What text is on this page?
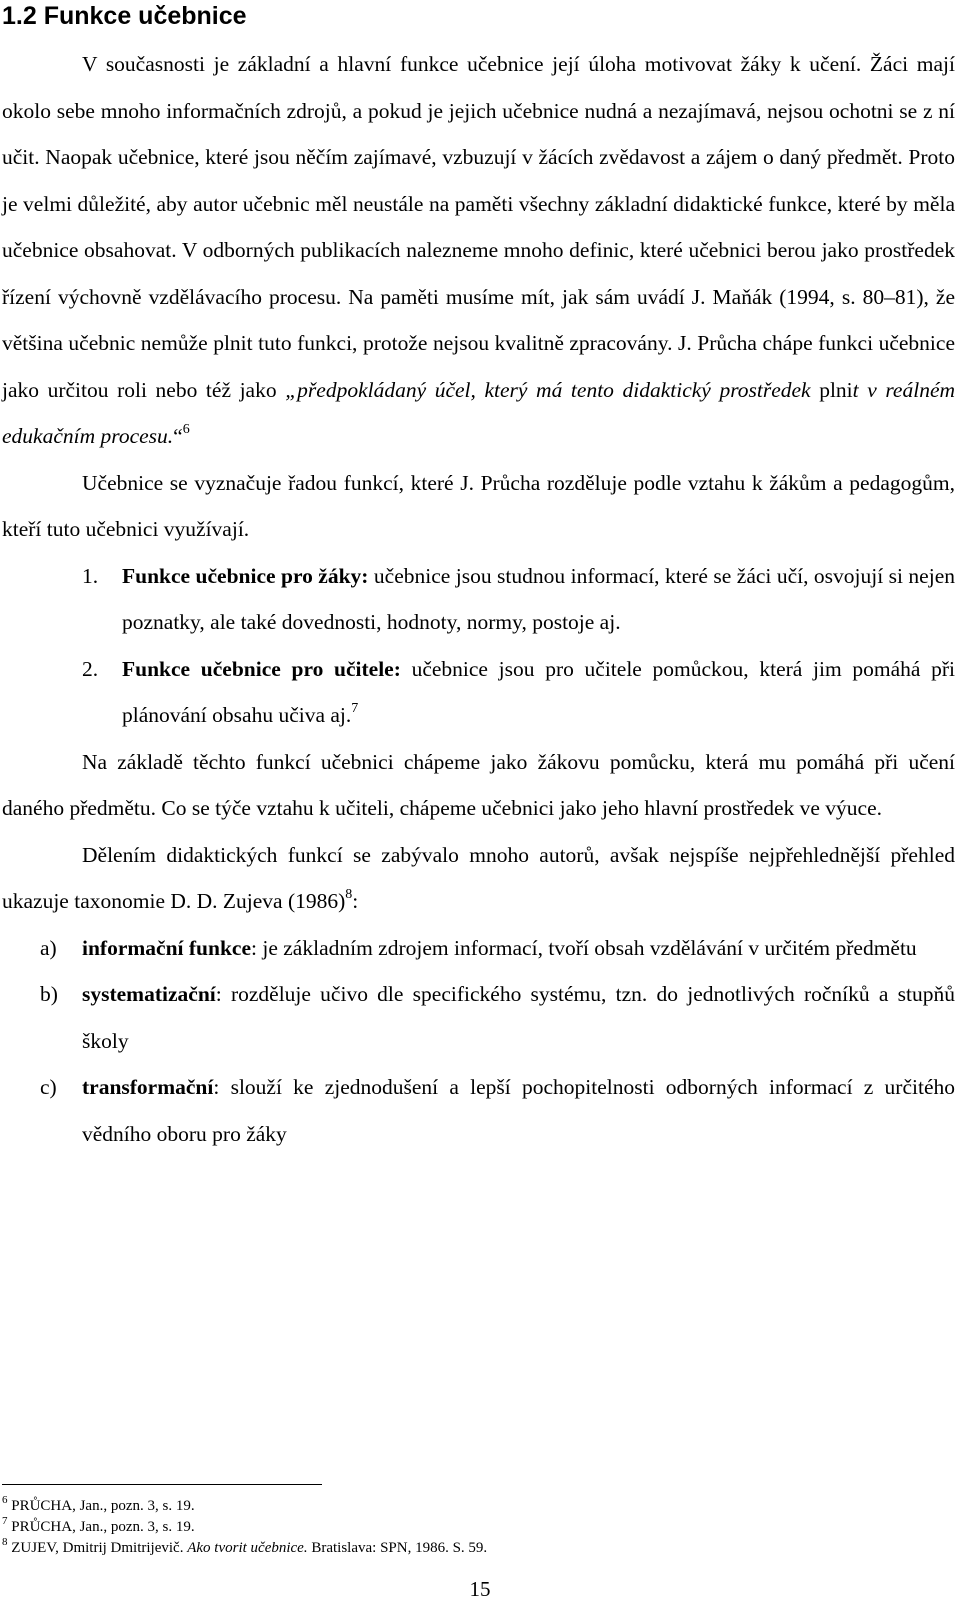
1.2 Funkce učebnice

V současnosti je základní a hlavní funkce učebnice její úloha motivovat žáky k učení. Žáci mají okolo sebe mnoho informačních zdrojů, a pokud je jejich učebnice nudná a nezajímavá, nejsou ochotni se z ní učit. Naopak učebnice, které jsou něčím zajímavé, vzbuzují v žácích zvědavost a zájem o daný předmět. Proto je velmi důležité, aby autor učebnic měl neustále na paměti všechny základní didaktické funkce, které by měla učebnice obsahovat. V odborných publikacích nalezneme mnoho definic, které učebnici berou jako prostředek řízení výchovně vzdělávacího procesu. Na paměti musíme mít, jak sám uvádí J. Maňák (1994, s. 80–81), že většina učebnic nemůže plnit tuto funkci, protože nejsou kvalitně zpracovány. J. Průcha chápe funkci učebnice jako určitou roli nebo též jako „předpokládaný účel, který má tento didaktický prostředek plnit v reálném edukačním procesu.“$^6$

Učebnice se vyznačuje řadou funkcí, které J. Průcha rozděluje podle vztahu k žákům a pedagogům, kteří tuto učebnici využívají.

1.	Funkce učebnice pro žáky: učebnice jsou studnou informací, které se žáci učí, osvojují si nejen poznatky, ale také dovednosti, hodnoty, normy, postoje aj.
2.	Funkce učebnice pro učitele: učebnice jsou pro učitele pomůckou, která jim pomáhá při plánování obsahu učiva aj.$^7$

Na základě těchto funkcí učebnici chápeme jako žákovu pomůcku, která mu pomáhá při učení daného předmětu. Co se týče vztahu k učiteli, chápeme učebnici jako jeho hlavní prostředek ve výuce.

Dělením didaktických funkcí se zabývalo mnoho autorů, avšak nejspíše nejpřehlednější přehled ukazuje taxonomie D. D. Zujeva $(1986)^8$:

a)	informační funkce: je základním zdrojem informací, tvoří obsah vzdělávání v určitém předmětu
b)	systematizační: rozděluje učivo dle specifického systému, tzn. do jednotlivých ročníků a stupňů školy
c)	transformační: slouží ke zjednodušení a lepší pochopitelnosti odborných informací z určitého vědního oboru pro žáky
$^6$ PRŮCHA, Jan., pozn. 3, s. 19.
$^7$ PRŮCHA, Jan., pozn. 3, s. 19.
$^8$ ZUJEV, Dmitrij Dmitrijevič. Ako tvorit učebnice. Bratislava: SPN, 1986. S. 59.
15
